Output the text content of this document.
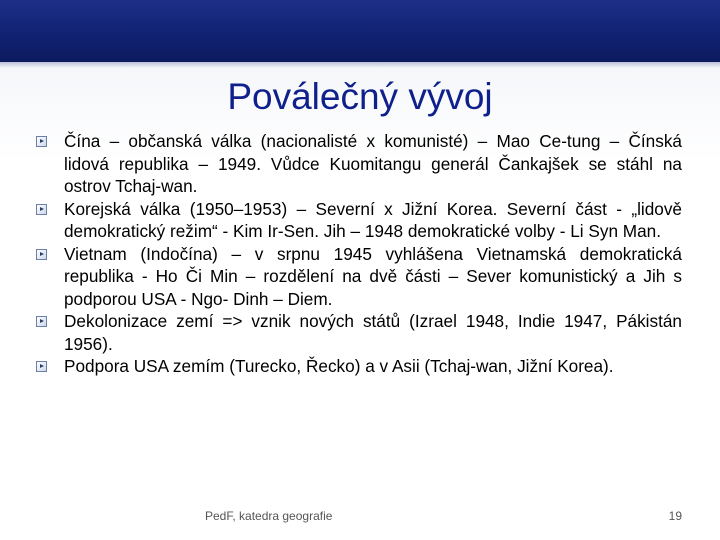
Poválečný vývoj
Čína – občanská válka (nacionalisté x komunisté) – Mao Ce-tung – Čínská lidová republika – 1949. Vůdce Kuomitangu generál Čankajšek se stáhl na ostrov Tchaj-wan.
Korejská válka (1950–1953) – Severní x Jižní Korea. Severní část - „lidově demokratický režim“ - Kim Ir-Sen. Jih – 1948 demokratické volby - Li Syn Man.
Vietnam (Indočína) – v srpnu 1945 vyhlášena Vietnamská demokratická republika - Ho Či Min – rozdělení na dvě části – Sever komunistický a Jih s podporou USA - Ngo- Dinh – Diem.
Dekolonizace zemí => vznik nových států (Izrael 1948, Indie 1947, Pákistán 1956).
Podpora USA zemím (Turecko, Řecko) a v Asii (Tchaj-wan, Jižní Korea).
PedF, katedra geografie	19
